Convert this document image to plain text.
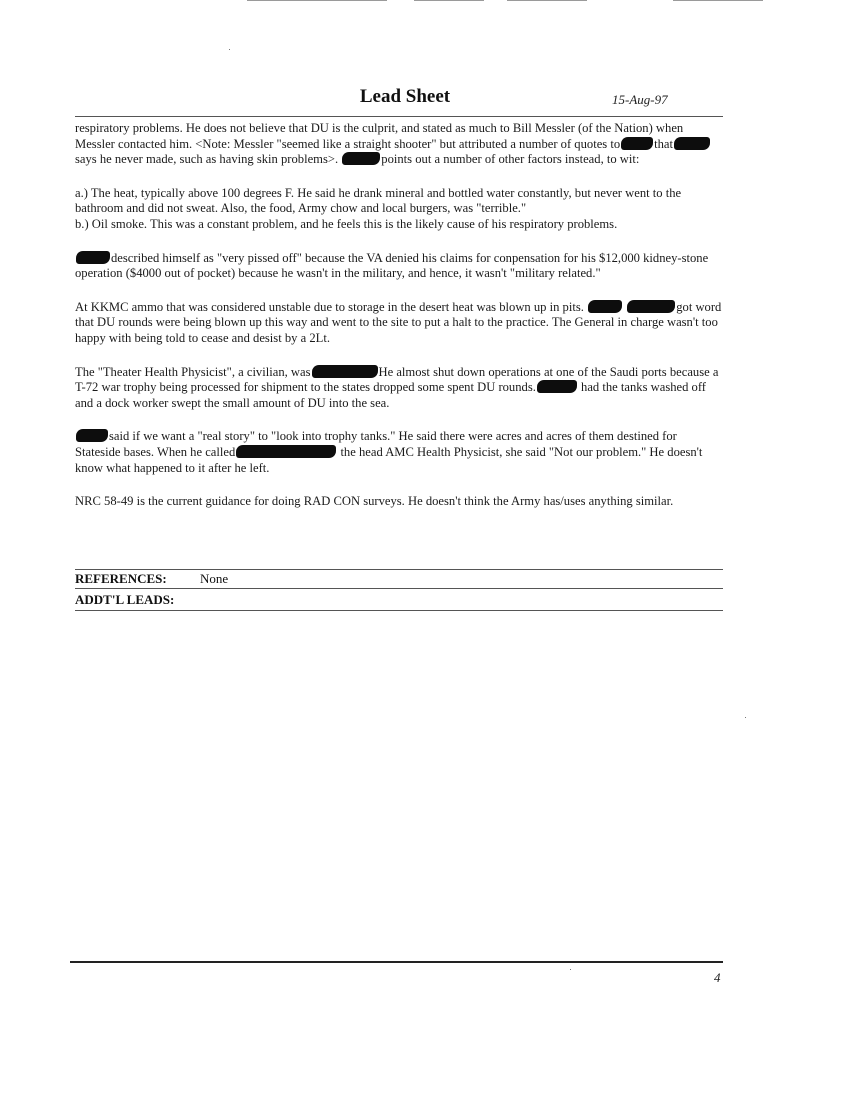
Lead Sheet	15-Aug-97

respiratory problems. He does not believe that DU is the culprit, and stated as much to Bill Messler (of the Nation) when Messler contacted him. <Note: Messler "seemed like a straight shooter" but attributed a number of quotes to	thatsays he never made, such as having skin problems>.	points out a number of other factors instead, to wit:

a.) The heat, typically above 100 degrees F. He said he drank mineral and bottled water constantly, but never went to the bathroom and did not sweat. Also, the food, Army chow and local burgers, was "terrible."

b.) Oil smoke. This was a constant problem, and he feels this is the likely cause of his respiratory problems.

described himself as "very pissed off" because the VA denied his claims for conpensation for his $12,000 kidney-stone operation ($4000 out of pocket) because he wasn't in the military, and hence, it wasn't "military related."

At KKMC ammo that was considered unstable due to storage in the desert heat was blown up in pits.	got word that DU rounds were being blown up this way and went to the site to put a halt to the practice. The General in charge wasn't too happy with being told to cease and desist by a 2Lt.

The "Theater Health Physicist", a civilian, was	He almost shut down operations at one of the Saudi ports because a T-72 war trophy being processed for shipment to the states dropped some spent DU rounds.	had the tanks washed off and a dock worker swept the small amount of DU into the sea.

said if we want a "real story" to "look into trophy tanks." He said there were acres and acres of them destined for Stateside bases. When he called	the head AMC Health Physicist, she said "Not our problem." He doesn't know what happened to it after he left.

NRC 58-49 is the current guidance for doing RAD CON surveys. He doesn't think the Army has/uses anything similar.

REFERENCES:	None
ADDT'L LEADS:
4
